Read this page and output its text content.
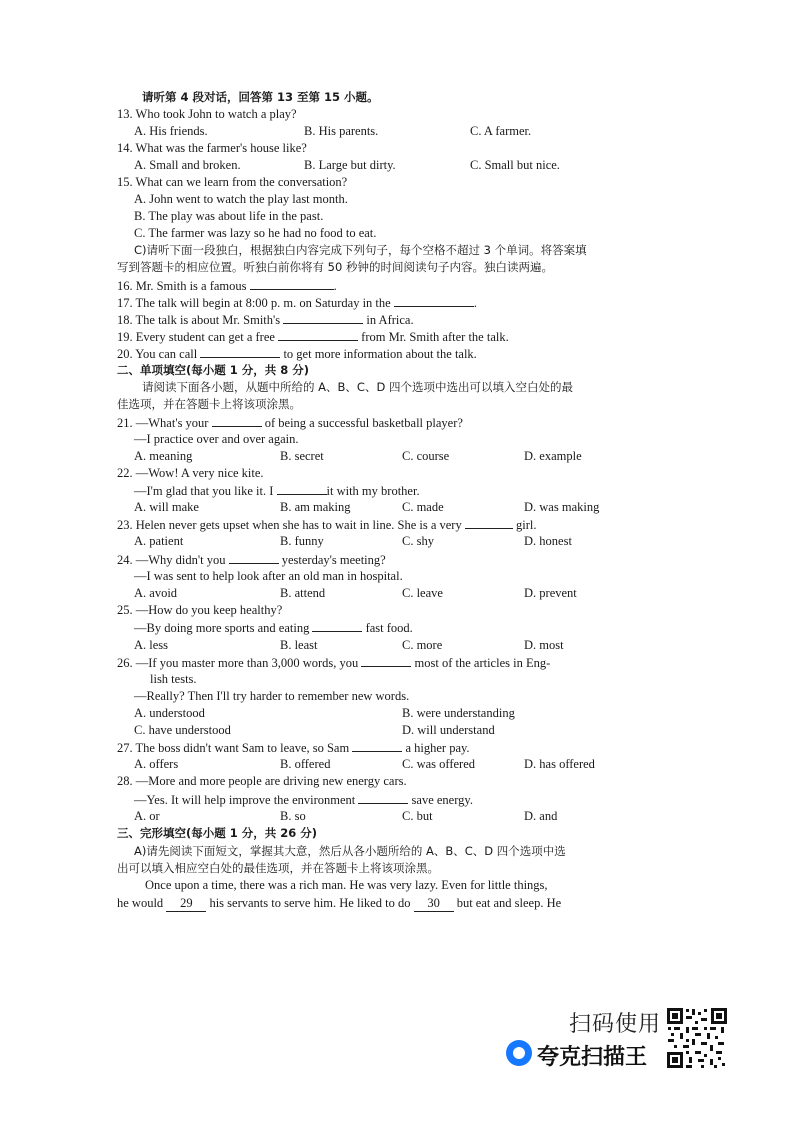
请听第 4 段对话，回答第 13 至第 15 小题。
13. Who took John to watch a play?
A. His friends.	B. His parents.	C. A farmer.
14. What was the farmer's house like?
A. Small and broken.	B. Large but dirty.	C. Small but nice.
15. What can we learn from the conversation?
A. John went to watch the play last month.
B. The play was about life in the past.
C. The farmer was lazy so he had no food to eat.
C)请听下面一段独白，根据独白内容完成下列句子，每个空格不超过 3 个单词。将答案填
写到答题卡的相应位置。听独白前你将有 50 秒钟的时间阅读句子内容。独白读两遍。
16. Mr. Smith is a famous	.
17. The talk will begin at 8:00 p. m. on Saturday in the	.
18. The talk is about Mr. Smith's	in Africa.
19. Every student can get a free	from Mr. Smith after the talk.
20. You can call	to get more information about the talk.
二、单项填空(每小题 1 分，共 8 分)
请阅读下面各小题，从题中所给的 A、B、C、D 四个选项中选出可以填入空白处的最
佳选项，并在答题卡上将该项涂黑。
21. —What's your	of being a successful basketball player?
—I practice over and over again.
A. meaning	B. secret	C. course	D. example
22. —Wow! A very nice kite.
—I'm glad that you like it. I	it with my brother.
A. will make	B. am making	C. made	D. was making
23. Helen never gets upset when she has to wait in line. She is a very	girl.
A. patient	B. funny	C. shy	D. honest
24. —Why didn't you	yesterday's meeting?
—I was sent to help look after an old man in hospital.
A. avoid	B. attend	C. leave	D. prevent
25. —How do you keep healthy?
—By doing more sports and eating	fast food.
A. less	B. least	C. more	D. most
26. —If you master more than 3,000 words, you	most of the articles in Eng-
lish tests.
—Really? Then I'll try harder to remember new words.
A. understood	B. were understanding
C. have understood	D. will understand
27. The boss didn't want Sam to leave, so Sam	a higher pay.
A. offers	B. offered	C. was offered	D. has offered
28. —More and more people are driving new energy cars.
—Yes. It will help improve the environment	save energy.
A. or	B. so	C. but	D. and
三、完形填空(每小题 1 分，共 26 分)
A)请先阅读下面短文，掌握其大意，然后从各小题所给的 A、B、C、D 四个选项中选
出可以填入相应空白处的最佳选项，并在答题卡上将该项涂黑。
Once upon a time, there was a rich man. He was very lazy. Even for little things,
he would 29 his servants to serve him. He liked to do 30 but eat and sleep. He
扫码使用
夸克扫描王
